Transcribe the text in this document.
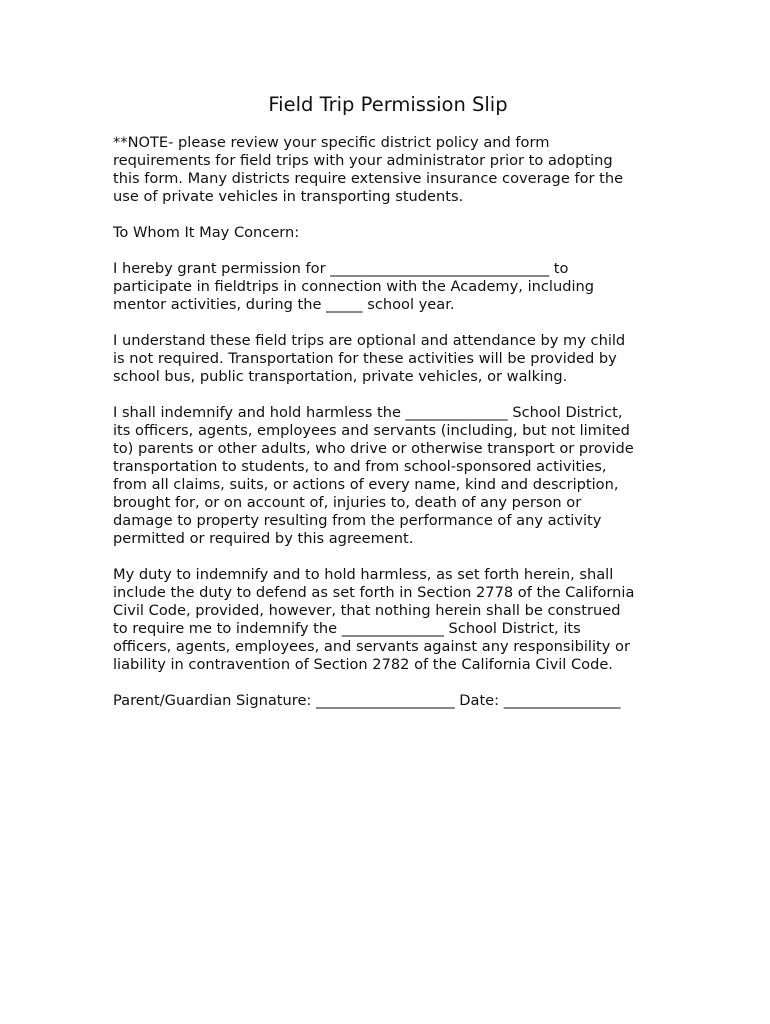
Field Trip Permission Slip

**NOTE- please review your specific district policy and form
requirements for field trips with your administrator prior to adopting
this form. Many districts require extensive insurance coverage for the
use of private vehicles in transporting students.

To Whom It May Concern:

I hereby grant permission for ______________________________ to
participate in fieldtrips in connection with the Academy, including
mentor activities, during the _____ school year.

I understand these field trips are optional and attendance by my child
is not required. Transportation for these activities will be provided by
school bus, public transportation, private vehicles, or walking.

I shall indemnify and hold harmless the ______________ School District,
its officers, agents, employees and servants (including, but not limited
to) parents or other adults, who drive or otherwise transport or provide
transportation to students, to and from school-sponsored activities,
from all claims, suits, or actions of every name, kind and description,
brought for, or on account of, injuries to, death of any person or
damage to property resulting from the performance of any activity
permitted or required by this agreement.

My duty to indemnify and to hold harmless, as set forth herein, shall
include the duty to defend as set forth in Section 2778 of the California
Civil Code, provided, however, that nothing herein shall be construed
to require me to indemnify the ______________ School District, its
officers, agents, employees, and servants against any responsibility or
liability in contravention of Section 2782 of the California Civil Code.

Parent/Guardian Signature: ___________________ Date: ________________
